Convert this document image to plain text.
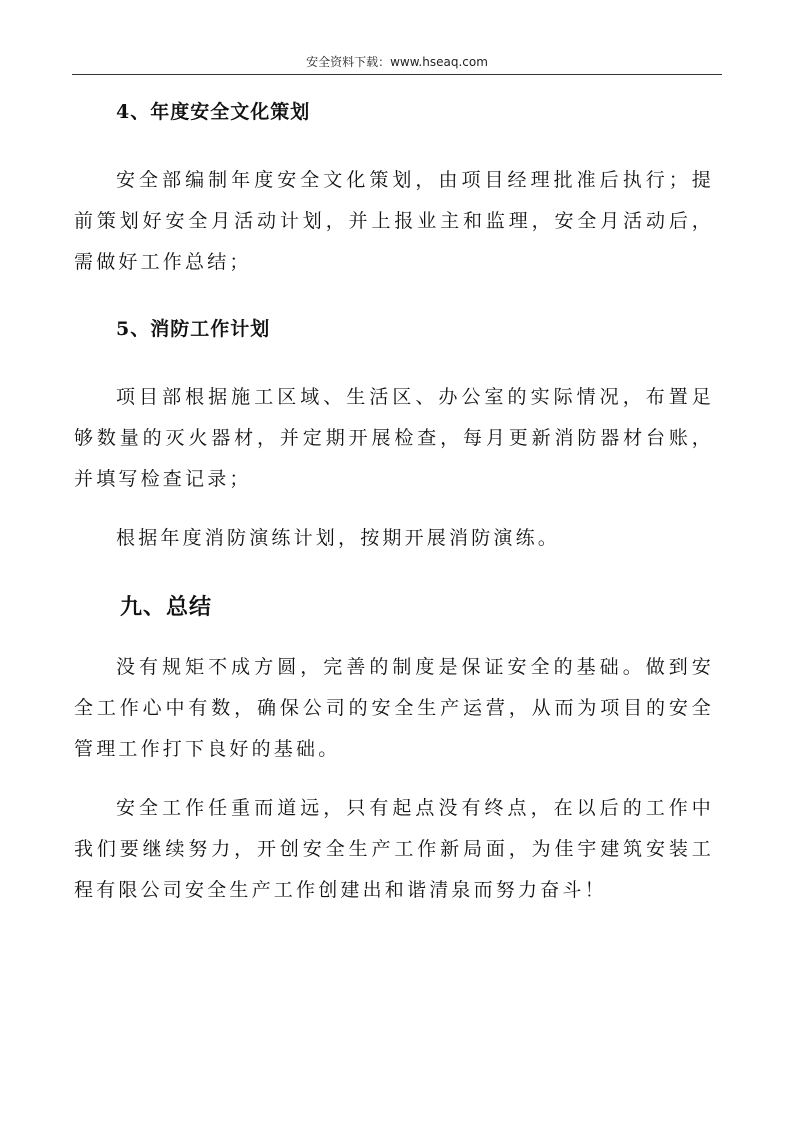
安全资料下载：www.hseaq.com
4、年度安全文化策划

安全部编制年度安全文化策划，由项目经理批准后执行；提前策划好安全月活动计划，并上报业主和监理，安全月活动后，需做好工作总结；

5、消防工作计划

项目部根据施工区域、生活区、办公室的实际情况，布置足够数量的灭火器材，并定期开展检查，每月更新消防器材台账，并填写检查记录；

根据年度消防演练计划，按期开展消防演练。

九、总结

没有规矩不成方圆，完善的制度是保证安全的基础。做到安全工作心中有数，确保公司的安全生产运营，从而为项目的安全管理工作打下良好的基础。

安全工作任重而道远，只有起点没有终点，在以后的工作中我们要继续努力，开创安全生产工作新局面，为佳宇建筑安装工程有限公司安全生产工作创建出和谐清泉而努力奋斗！
